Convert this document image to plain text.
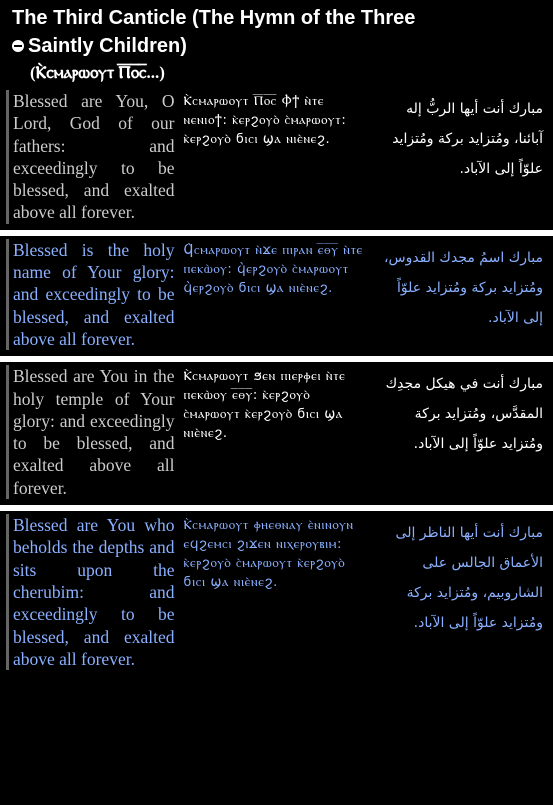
The Third Canticle (The Hymn of the Three
Saintly Children)
(Ⲕ̀ⲥⲙⲁⲣⲱⲟⲩⲧ Ⲡ̅ⲟ̅ⲥ̅...)
Blessed are You, O Lord, God of our fathers: and exceedingly to be blessed, and exalted above all forever.
Ⲕ̀ⲥⲙⲁⲣⲱⲟⲩⲧ Ⲡ̅ⲟ̅ⲥ̅ Ⲫ̀ϯ ⲛ̀ⲧⲉ ⲛⲉⲛⲓⲟϯ: ⲕ̀ⲉⲣϩⲟⲩⲟ̀ ⲥ̀ⲙⲁⲣⲱⲟⲩⲧ: ⲕ̀ⲉⲣϩⲟⲩⲟ̀ ϭⲓⲥⲓ ϣⲁ ⲛⲓⲉ̀ⲛⲉϩ.
مبارك أنت أيها الربُّ إله آبائنا، ومُتزايد بركة ومُتزايد علوّاً إلى الآباد.
Blessed is the holy name of Your glory: and exceedingly to be blessed, and exalted above all forever.
Ϥ̀ⲥⲙⲁⲣⲱⲟⲩⲧ ⲛ̀ϫⲉ ⲡⲓⲣⲁⲛ ⲉ̅ⲑ̅ⲩ̅ ⲛ̀ⲧⲉ ⲡⲉⲕⲱ̀ⲟⲩ: ϥ̀ⲉⲣϩⲟⲩⲟ̀ ⲥ̀ⲙⲁⲣⲱⲟⲩⲧ ϥ̀ⲉⲣϩⲟⲩⲟ̀ ϭⲓⲥⲓ ϣⲁ ⲛⲓⲉ̀ⲛⲉϩ.
مبارك اسمُ مجدك القدوس، ومُتزايد بركة ومُتزايد علوّاً إلى الآباد.
Blessed are You in the holy temple of Your glory: and exceedingly to be blessed, and exalted above all forever.
Ⲕ̀ⲥⲙⲁⲣⲱⲟⲩⲧ ϧⲉⲛ ⲡⲓⲉⲣⲫⲉⲓ ⲛ̀ⲧⲉ ⲡⲉⲕⲱ̀ⲟⲩ ⲉ̅ⲑ̅ⲩ̅: ⲕ̀ⲉⲣϩⲟⲩⲟ̀ ⲥ̀ⲙⲁⲣⲱⲟⲩⲧ ⲕ̀ⲉⲣϩⲟⲩⲟ̀ ϭⲓⲥⲓ ϣⲁ ⲛⲓⲉ̀ⲛⲉϩ.
مبارك أنت في هيكل مجدِك المقدَّس، ومُتزايد بركة ومُتزايد علوّاً إلى الآباد.
Blessed are You who beholds the depths and sits upon the cherubim: and exceedingly to be blessed, and exalted above all forever.
Ⲕ̀ⲥⲙⲁⲣⲱⲟⲩⲧ ⲫⲏⲉⲑⲛⲁⲩ ⲉ̀ⲛⲓⲛⲟⲩⲛ ⲉϥϩⲉⲙⲥⲓ ϩⲓϫⲉⲛ ⲛⲓⲭⲉⲣⲟⲩⲃⲓⲙ: ⲕ̀ⲉⲣϩⲟⲩⲟ̀ ⲥ̀ⲙⲁⲣⲱⲟⲩⲧ ⲕ̀ⲉⲣϩⲟⲩⲟ̀ ϭⲓⲥⲓ ϣⲁ ⲛⲓⲉ̀ⲛⲉϩ.
مبارك أنت أيها الناظر إلى الأعماق الجالس على الشاروبيم، ومُتزايد بركة ومُتزايد علوّاً إلى الآباد.
